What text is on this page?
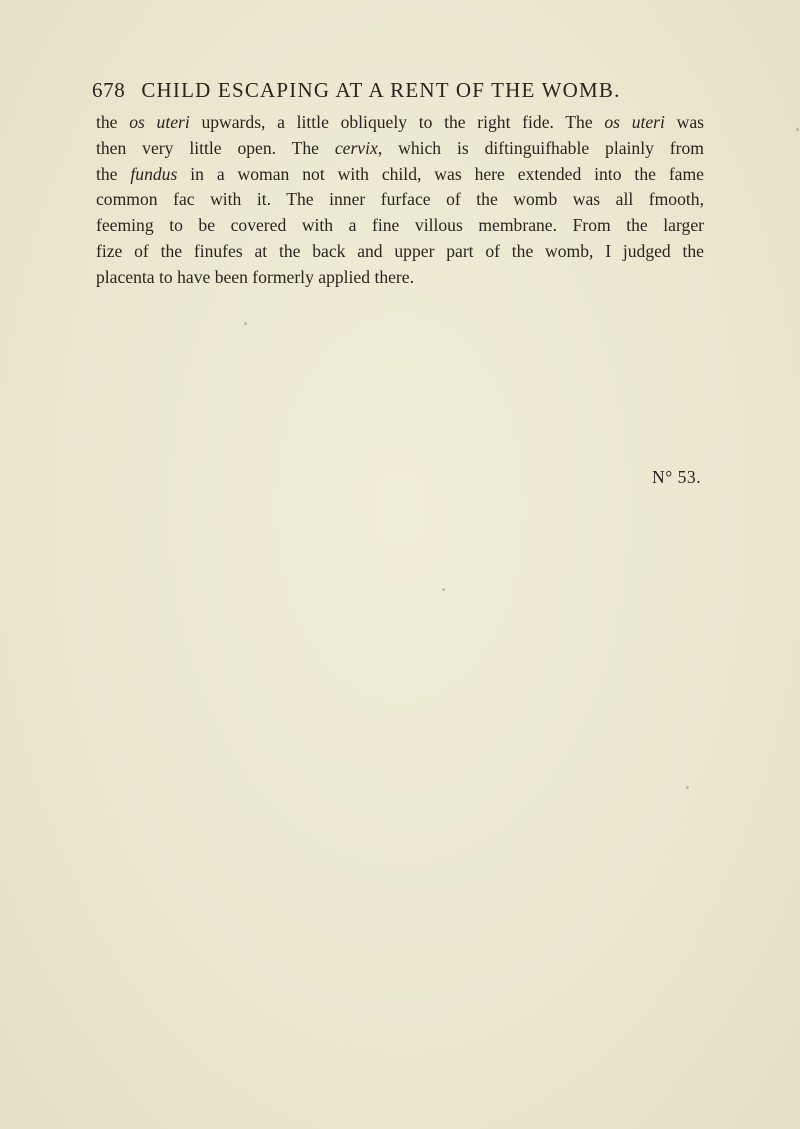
678 CHILD ESCAPING AT A RENT OF THE WOMB.
the os uteri upwards, a little obliquely to the right fide. The os uteri was
then very little open. The cervix, which is diftinguifhable plainly from
the fundus in a woman not with child, was here extended into the fame
common fac with it. The inner furface of the womb was all fmooth,
feeming to be covered with a fine villous membrane. From the larger
fize of the finufes at the back and upper part of the womb, I judged the
placenta to have been formerly applied there.
N° 53.
